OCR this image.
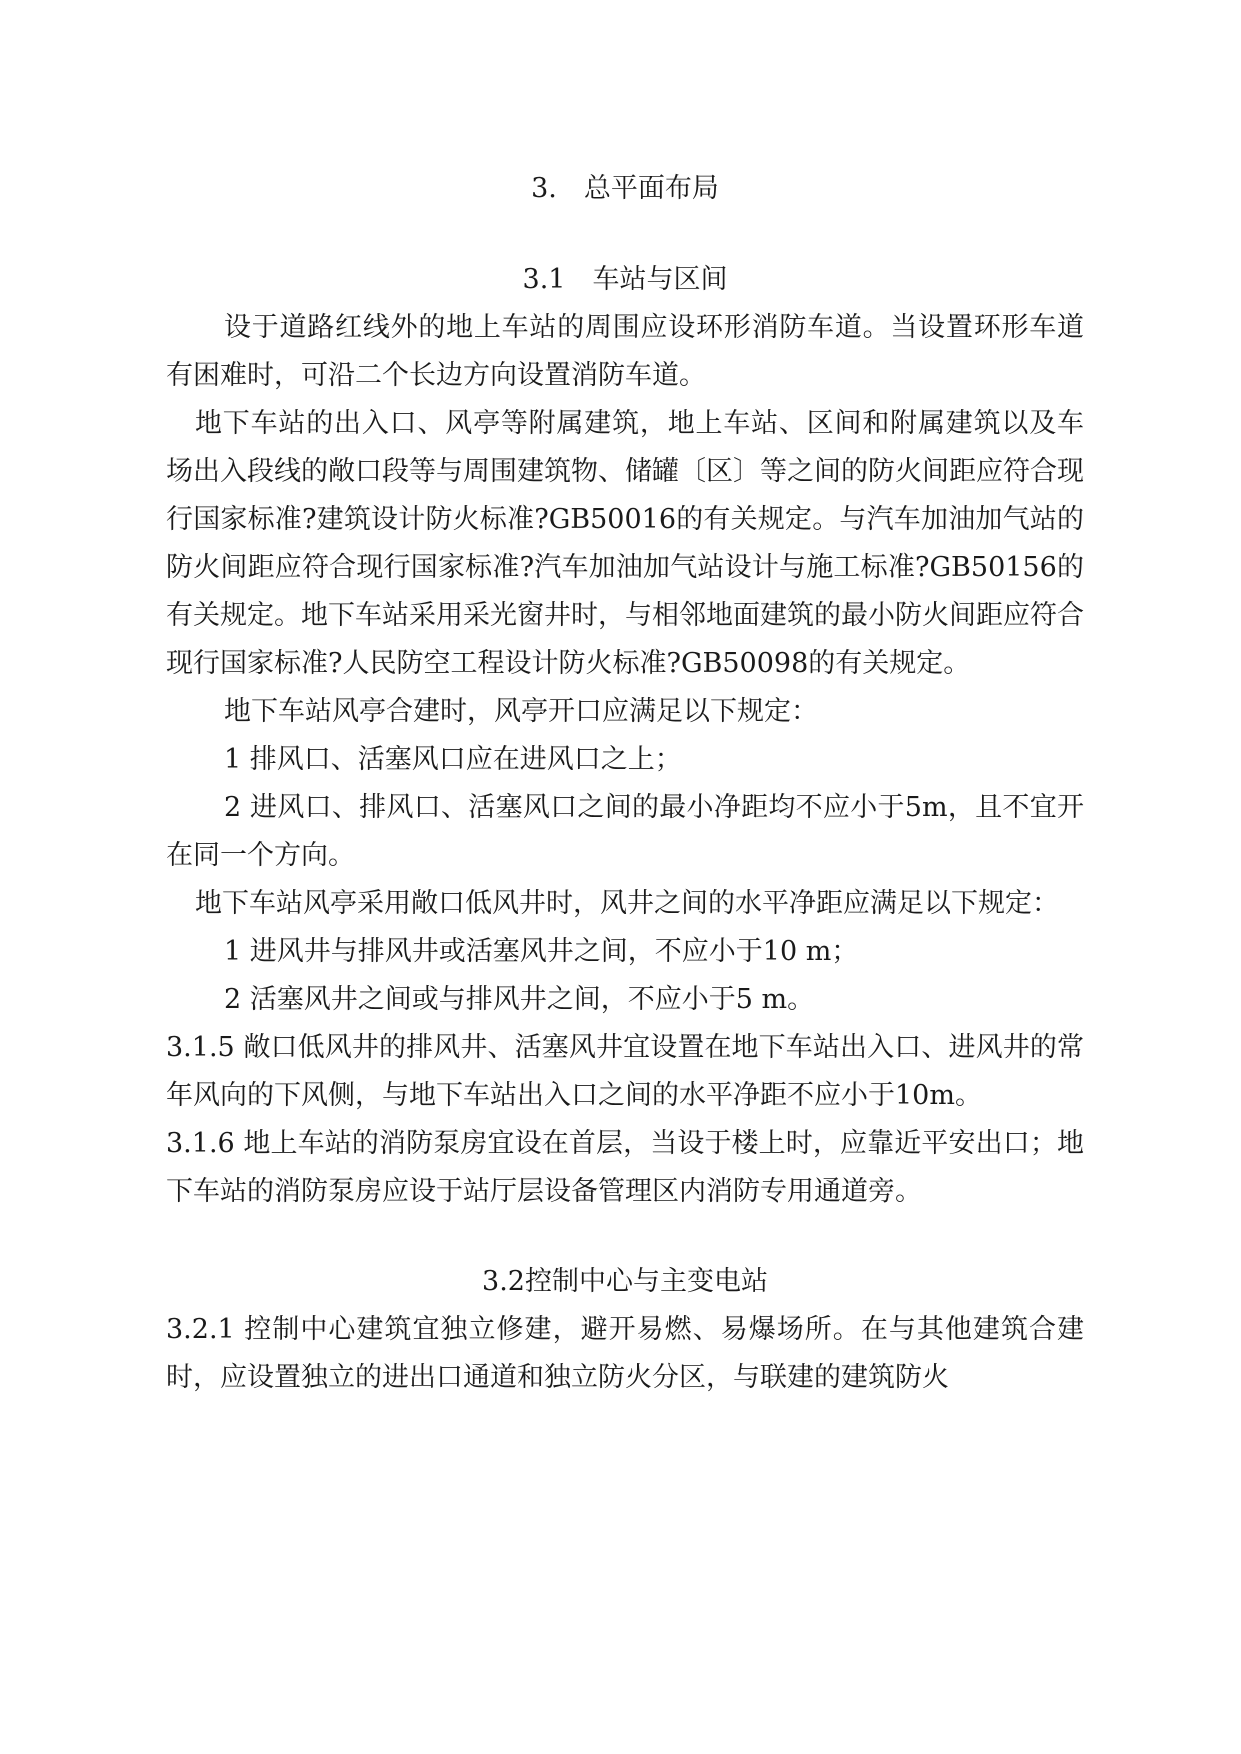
3.　总平面布局
3.1　车站与区间

设于道路红线外的地上车站的周围应设环形消防车道。当设置环形车道有困难时，可沿二个长边方向设置消防车道。

地下车站的出入口、风亭等附属建筑，地上车站、区间和附属建筑以及车场出入段线的敞口段等与周围建筑物、储罐〔区〕等之间的防火间距应符合现行国家标准?建筑设计防火标准?GB50016的有关规定。与汽车加油加气站的防火间距应符合现行国家标准?汽车加油加气站设计与施工标准?GB50156的有关规定。地下车站采用采光窗井时，与相邻地面建筑的最小防火间距应符合现行国家标准?人民防空工程设计防火标准?GB50098的有关规定。

地下车站风亭合建时，风亭开口应满足以下规定：

1 排风口、活塞风口应在进风口之上；

2 进风口、排风口、活塞风口之间的最小净距均不应小于5m，且不宜开在同一个方向。

地下车站风亭采用敞口低风井时，风井之间的水平净距应满足以下规定：

1 进风井与排风井或活塞风井之间，不应小于10 m；

2 活塞风井之间或与排风井之间，不应小于5 m。

3.1.5 敞口低风井的排风井、活塞风井宜设置在地下车站出入口、进风井的常年风向的下风侧，与地下车站出入口之间的水平净距不应小于10m。

3.1.6 地上车站的消防泵房宜设在首层，当设于楼上时，应靠近平安出口；地下车站的消防泵房应设于站厅层设备管理区内消防专用通道旁。

3.2控制中心与主变电站

3.2.1 控制中心建筑宜独立修建，避开易燃、易爆场所。在与其他建筑合建时，应设置独立的进出口通道和独立防火分区，与联建的建筑防火
